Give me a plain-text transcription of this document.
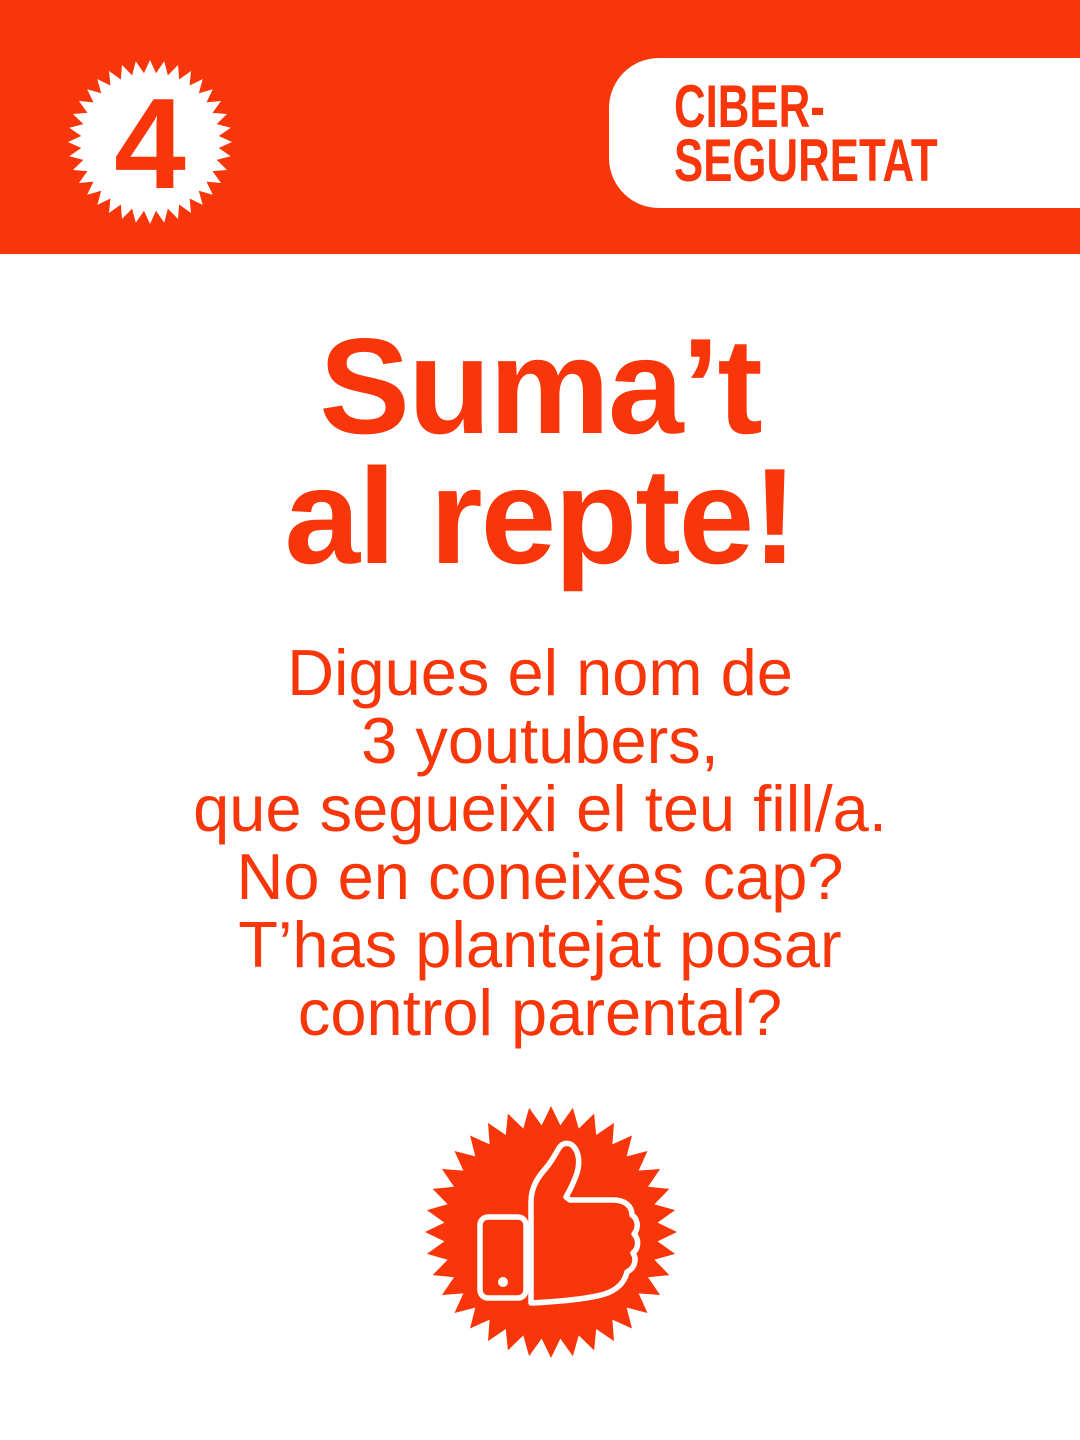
4	CIBER-
SEGURETAT
Suma’t
al repte!

Digues el nom de
3 youtubers,
que segueixi el teu fill/a.
No en coneixes cap?
T’has plantejat posar
control parental?
